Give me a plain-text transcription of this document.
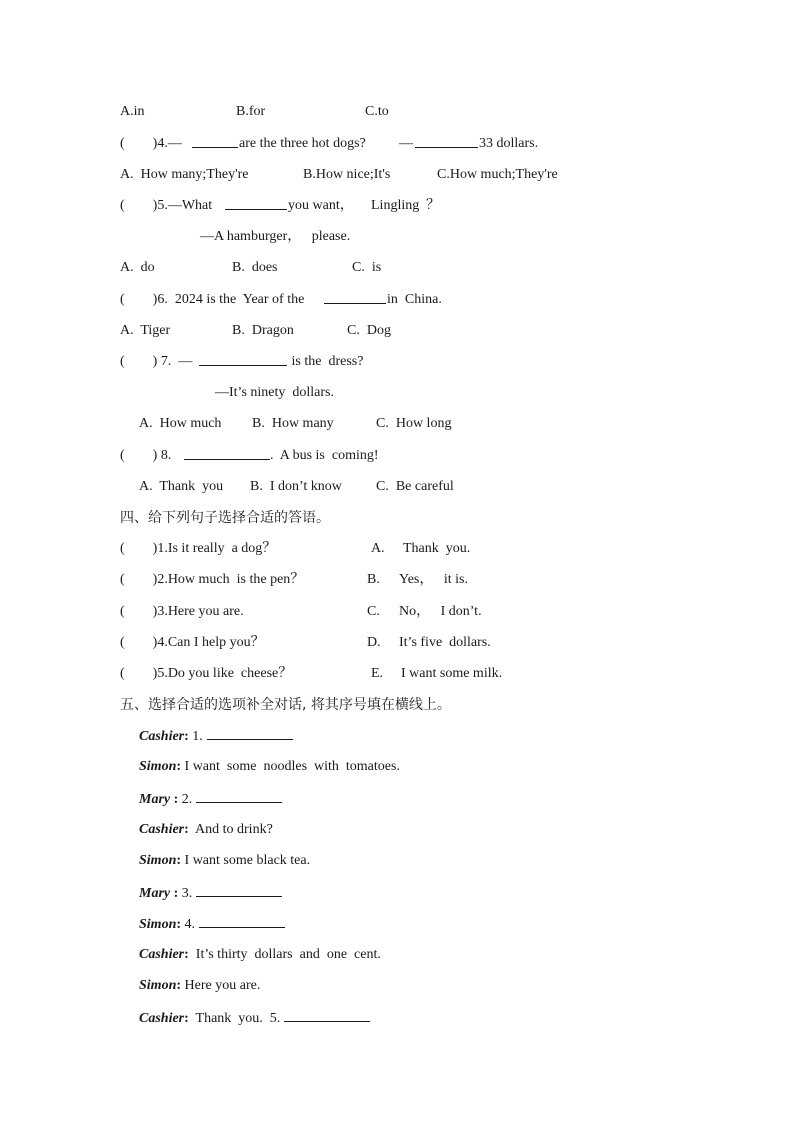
A.in	B.for	C.to
(        )4.—	are the three hot dogs? —	33 dollars.
A.  How many;They're	B.How nice;It's	C.How much;They're
(        )5.—What	you want， Lingling ？
—A hamburger，   please.
A.  do	B.  does	C.  is
(        )6.  2024 is the  Year of the	in  China.
A.  Tiger	B.  Dragon	C.  Dog
(        ) 7.  —	is the  dress?
—It’s ninety  dollars.
A.  How much B.  How many	C.  How long
(        ) 8.	.  A bus is  coming!
A.  Thank  you B.  I don’t know C.  Be careful
四、给下列句子选择合适的答语。
(        )1.Is it really  a dog？	A. Thank  you.
(        )2.How much  is the pen？	B. Yes，   it is.
(        )3.Here you are.	C. No，   I don’t.
(        )4.Can I help you？	D. It’s five  dollars.
(        )5.Do you like  cheese？	E. I want some milk.
五、选择合适的选项补全对话, 将其序号填在横线上。
Cashier: 1.
Simon: I want  some  noodles  with  tomatoes.
Mary : 2.
Cashier:  And to drink?
Simon: I want some black tea.
Mary : 3.
Simon: 4.
Cashier:  It’s thirty  dollars  and  one  cent.
Simon: Here you are.
Cashier:  Thank  you.  5.
